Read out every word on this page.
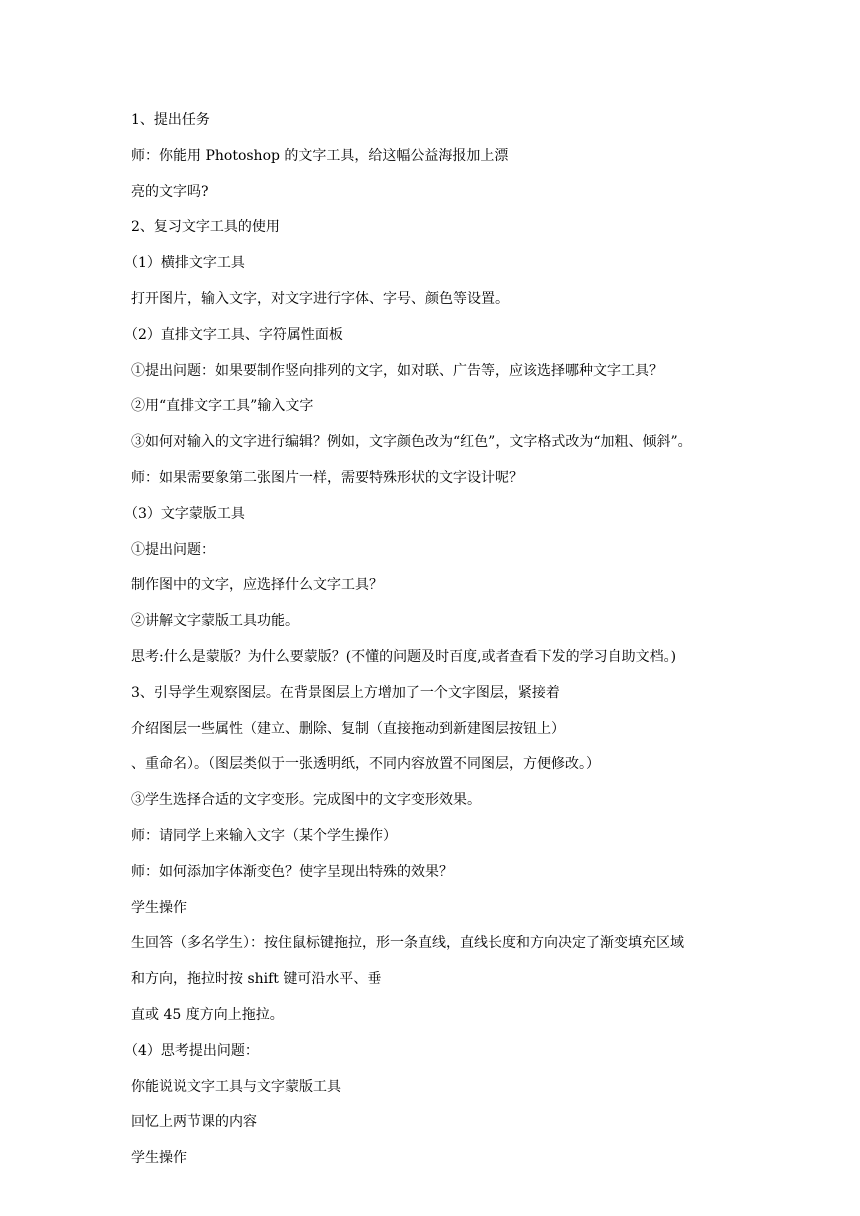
1、提出任务
师：你能用 Photoshop 的文字工具，给这幅公益海报加上漂
亮的文字吗?
2、复习文字工具的使用
（1）横排文字工具
打开图片，输入文字，对文字进行字体、字号、颜色等设置。
（2）直排文字工具、字符属性面板
①提出问题：如果要制作竖向排列的文字，如对联、广告等，应该选择哪种文字工具？
②用“直排文字工具”输入文字
③如何对输入的文字进行编辑？例如，文字颜色改为“红色”，文字格式改为“加粗、倾斜”。
师：如果需要象第二张图片一样，需要特殊形状的文字设计呢？
（3）文字蒙版工具
①提出问题：
制作图中的文字，应选择什么文字工具？
②讲解文字蒙版工具功能。
思考:什么是蒙版？为什么要蒙版？(不懂的问题及时百度,或者查看下发的学习自助文档。)
3、引导学生观察图层。在背景图层上方增加了一个文字图层，紧接着
介绍图层一些属性（建立、删除、复制（直接拖动到新建图层按钮上）
、重命名）。（图层类似于一张透明纸，不同内容放置不同图层，方便修改。）
③学生选择合适的文字变形。完成图中的文字变形效果。
师：请同学上来输入文字（某个学生操作）
师：如何添加字体渐变色？使字呈现出特殊的效果？
学生操作
生回答（多名学生）：按住鼠标键拖拉，形一条直线，直线长度和方向决定了渐变填充区域
和方向，拖拉时按 shift 键可沿水平、垂
直或 45 度方向上拖拉。
（4）思考提出问题：
你能说说文字工具与文字蒙版工具
回忆上两节课的内容
学生操作
